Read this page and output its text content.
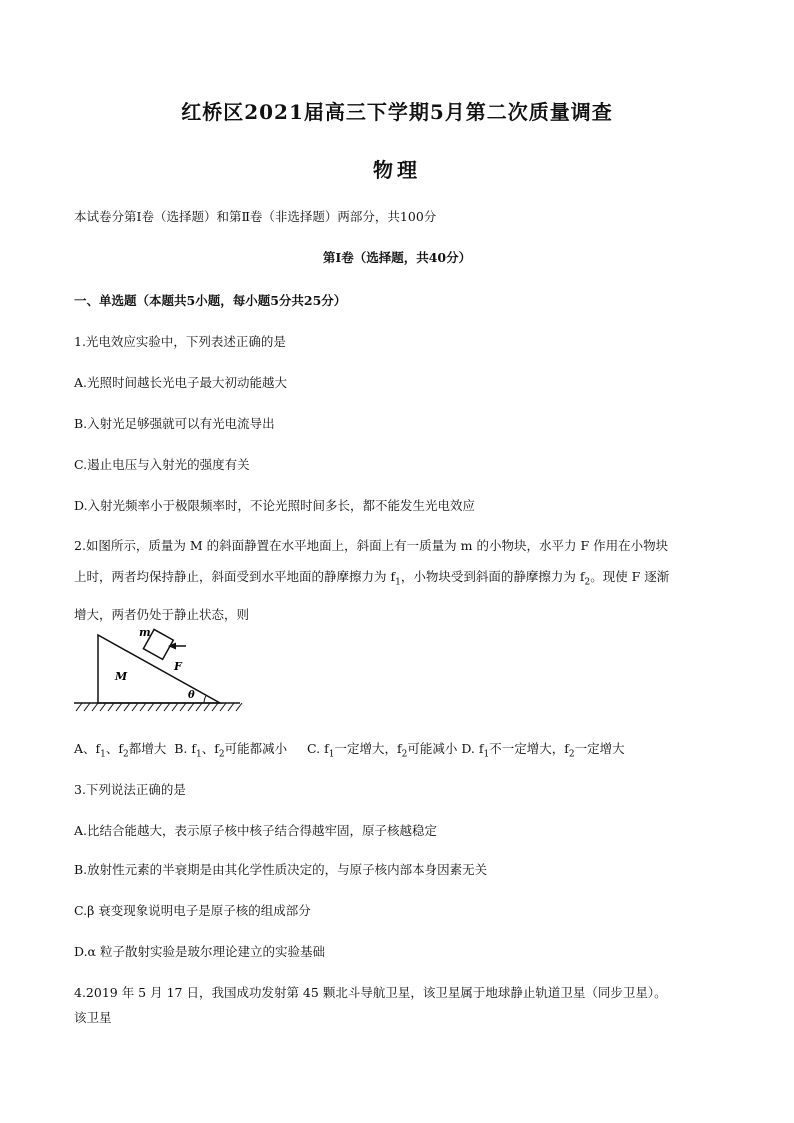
红桥区2021届高三下学期5月第二次质量调查
物理
本试卷分第Ⅰ卷（选择题）和第Ⅱ卷（非选择题）两部分，共100分
第Ⅰ卷（选择题，共40分）
一、单选题（本题共5小题，每小题5分共25分）
1.光电效应实验中，下列表述正确的是
A.光照时间越长光电子最大初动能越大
B.入射光足够强就可以有光电流导出
C.遏止电压与入射光的强度有关
D.入射光频率小于极限频率时，不论光照时间多长，都不能发生光电效应
2.如图所示，质量为 M 的斜面静置在水平地面上，斜面上有一质量为 m 的小物块，水平力 F 作用在小物块
上时，两者均保持静止，斜面受到水平地面的静摩擦力为 $f_1$，小物块受到斜面的静摩擦力为 $f_2$。现使 F 逐渐
增大，两者仍处于静止状态，则
m
F
M
θ
A、$f_1$、$f_2$都增大 B. $f_1$、$f_2$可能都减小 C. $f_1$一定增大，$f_2$可能减小 D. $f_1$不一定增大，$f_2$一定增大
3.下列说法正确的是
A.比结合能越大，表示原子核中核子结合得越牢固，原子核越稳定
B.放射性元素的半衰期是由其化学性质决定的，与原子核内部本身因素无关
C.β 衰变现象说明电子是原子核的组成部分
D.α 粒子散射实验是玻尔理论建立的实验基础
4.2019 年 5 月 17 日，我国成功发射第 45 颗北斗导航卫星，该卫星属于地球静止轨道卫星（同步卫星）。
该卫星
